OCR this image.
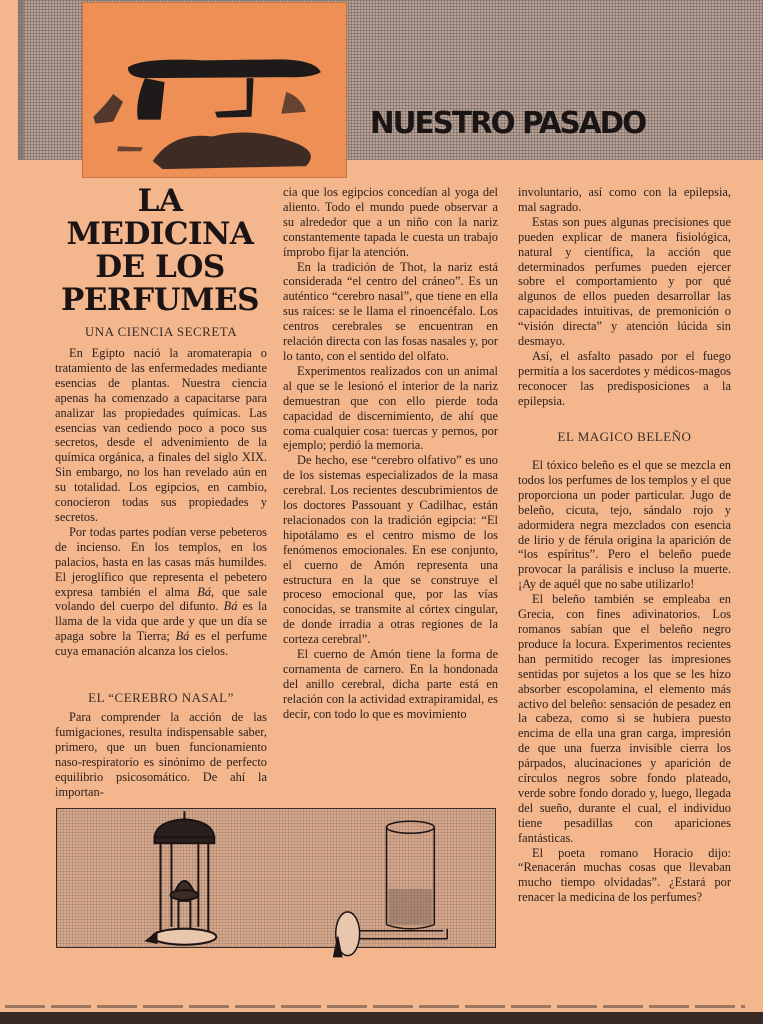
NUESTRO PASADO
LA
MEDICINA
DE LOS
PERFUMES
UNA CIENCIA SECRETA

En Egipto nació la aromaterapia o tratamiento de las enfermedades mediante esencias de plantas. Nuestra ciencia apenas ha comenzado a capacitarse para analizar las propiedades químicas. Las esencias van cediendo poco a poco sus secretos, desde el advenimiento de la química orgánica, a finales del siglo XIX. Sin embargo, no los han revelado aún en su totalidad. Los egipcios, en cambio, conocieron todas sus propiedades y secretos.

Por todas partes podían verse pebeteros de incienso. En los templos, en los palacios, hasta en las casas más humildes. El jeroglífico que representa el pebetero expresa también el alma Bá, que sale volando del cuerpo del difunto. Bá es la llama de la vida que arde y que un día se apaga sobre la Tierra; Bá es el perfume cuya emanación alcanza los cielos.

EL “CEREBRO NASAL”

Para comprender la acción de las fumigaciones, resulta indispensable saber, primero, que un buen funcionamiento naso-respiratorio es sinónimo de perfecto equilibrio psicosomático. De ahí la importan-

cia que los egipcios concedían al yoga del aliento. Todo el mundo puede observar a su alrededor que a un niño con la nariz constantemente tapada le cuesta un trabajo ímprobo fijar la atención.

En la tradición de Thot, la nariz está considerada “el centro del cráneo”. Es un auténtico “cerebro nasal”, que tiene en ella sus raíces: se le llama el rinoencéfalo. Los centros cerebrales se encuentran en relación directa con las fosas nasales y, por lo tanto, con el sentido del olfato.

Experimentos realizados con un animal al que se le lesionó el interior de la nariz demuestran que con ello pierde toda capacidad de discernimiento, de ahí que coma cualquier cosa: tuercas y pernos, por ejemplo; perdió la memoria.

De hecho, ese “cerebro olfativo” es uno de los sistemas especializados de la masa cerebral. Los recientes descubrimientos de los doctores Passouant y Cadilhac, están relacionados con la tradición egipcia: “El hipotálamo es el centro mismo de los fenómenos emocionales. En ese conjunto, el cuerno de Amón representa una estructura en la que se construye el proceso emocional que, por las vías conocidas, se transmite al córtex cingular, de donde irradia a otras regiones de la corteza cerebral”.

El cuerno de Amón tiene la forma de cornamenta de carnero. En la hondonada del anillo cerebral, dicha parte está en relación con la actividad extrapiramidal, es decir, con todo lo que es movimiento

involuntario, así como con la epilepsia, mal sagrado.

Estas son pues algunas precisiones que pueden explicar de manera fisiológica, natural y científica, la acción que determinados perfumes pueden ejercer sobre el comportamiento y por qué algunos de ellos pueden desarrollar las capacidades intuitivas, de premonición o “visión directa” y atención lúcida sin desmayo.

Así, el asfalto pasado por el fuego permitía a los sacerdotes y médicos-magos reconocer las predisposiciones a la epilepsia.

EL MAGICO BELEÑO

El tóxico beleño es el que se mezcla en todos los perfumes de los templos y el que proporciona un poder particular. Jugo de beleño, cicuta, tejo, sándalo rojo y adormidera negra mezclados con esencia de lirio y de férula origina la aparición de “los espíritus”. Pero el beleño puede provocar la parálisis e incluso la muerte. ¡Ay de aquél que no sabe utilizarlo!

El beleño también se empleaba en Grecia, con fines adivinatorios. Los romanos sabían que el beleño negro produce la locura. Experimentos recientes han permitido recoger las impresiones sentidas por sujetos a los que se les hizo absorber escopolamina, el elemento más activo del beleño: sensación de pesadez en la cabeza, como si se hubiera puesto encima de ella una gran carga, impresión de que una fuerza invisible cierra los párpados, alucinaciones y aparición de círculos negros sobre fondo plateado, verde sobre fondo dorado y, luego, llegada del sueño, durante el cual, el individuo tiene pesadillas con apariciones fantásticas.

El poeta romano Horacio dijo: “Renacerán muchas cosas que llevaban mucho tiempo olvidadas”. ¿Estará por renacer la medicina de los perfumes?
